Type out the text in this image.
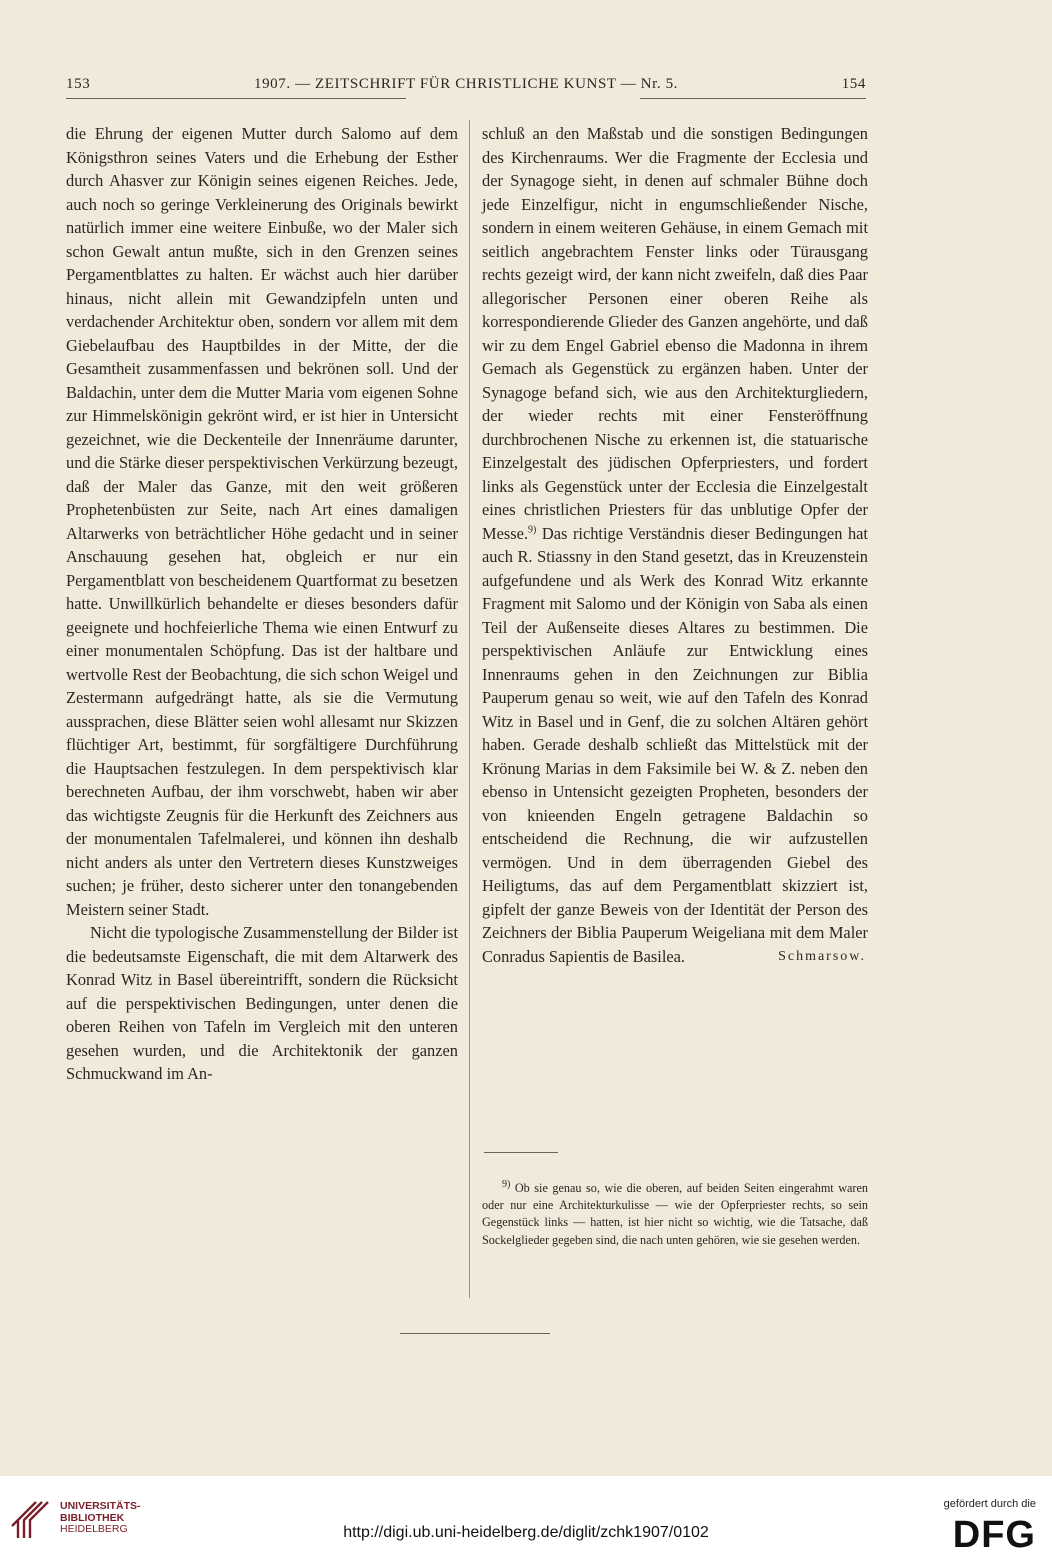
153	1907. — ZEITSCHRIFT FÜR CHRISTLICHE KUNST — Nr. 5.	154

die Ehrung der eigenen Mutter durch Salomo auf dem Königsthron seines Vaters und die Erhebung der Esther durch Ahasver zur Königin seines eigenen Reiches. Jede, auch noch so geringe Verkleinerung des Originals bewirkt natürlich immer eine weitere Einbuße, wo der Maler sich schon Gewalt antun mußte, sich in den Grenzen seines Pergamentblattes zu halten. Er wächst auch hier darüber hinaus, nicht allein mit Gewandzipfeln unten und verdachender Architektur oben, sondern vor allem mit dem Giebelaufbau des Hauptbildes in der Mitte, der die Gesamtheit zusammenfassen und bekrönen soll. Und der Baldachin, unter dem die Mutter Maria vom eigenen Sohne zur Himmelskönigin gekrönt wird, er ist hier in Untersicht gezeichnet, wie die Deckenteile der Innenräume darunter, und die Stärke dieser perspektivischen Verkürzung bezeugt, daß der Maler das Ganze, mit den weit größeren Prophetenbüsten zur Seite, nach Art eines damaligen Altarwerks von beträchtlicher Höhe gedacht und in seiner Anschauung gesehen hat, obgleich er nur ein Pergamentblatt von bescheidenem Quartformat zu besetzen hatte. Unwillkürlich behandelte er dieses besonders dafür geeignete und hochfeierliche Thema wie einen Entwurf zu einer monumentalen Schöpfung. Das ist der haltbare und wertvolle Rest der Beobachtung, die sich schon Weigel und Zestermann aufgedrängt hatte, als sie die Vermutung aussprachen, diese Blätter seien wohl allesamt nur Skizzen flüchtiger Art, bestimmt, für sorgfältigere Durchführung die Hauptsachen festzulegen. In dem perspektivisch klar berechneten Aufbau, der ihm vorschwebt, haben wir aber das wichtigste Zeugnis für die Herkunft des Zeichners aus der monumentalen Tafelmalerei, und können ihn deshalb nicht anders als unter den Vertretern dieses Kunstzweiges suchen; je früher, desto sicherer unter den tonangebenden Meistern seiner Stadt.

Nicht die typologische Zusammenstellung der Bilder ist die bedeutsamste Eigenschaft, die mit dem Altarwerk des Konrad Witz in Basel übereintrifft, sondern die Rücksicht auf die perspektivischen Bedingungen, unter denen die oberen Reihen von Tafeln im Vergleich mit den unteren gesehen wurden, und die Architektonik der ganzen Schmuckwand im An-

schluß an den Maßstab und die sonstigen Bedingungen des Kirchenraums. Wer die Fragmente der Ecclesia und der Synagoge sieht, in denen auf schmaler Bühne doch jede Einzelfigur, nicht in engumschließender Nische, sondern in einem weiteren Gehäuse, in einem Gemach mit seitlich angebrachtem Fenster links oder Türausgang rechts gezeigt wird, der kann nicht zweifeln, daß dies Paar allegorischer Personen einer oberen Reihe als korrespondierende Glieder des Ganzen angehörte, und daß wir zu dem Engel Gabriel ebenso die Madonna in ihrem Gemach als Gegenstück zu ergänzen haben. Unter der Synagoge befand sich, wie aus den Architekturgliedern, der wieder rechts mit einer Fensteröffnung durchbrochenen Nische zu erkennen ist, die statuarische Einzelgestalt des jüdischen Opferpriesters, und fordert links als Gegenstück unter der Ecclesia die Einzelgestalt eines christlichen Priesters für das unblutige Opfer der Messe.$^{9)}$ Das richtige Verständnis dieser Bedingungen hat auch R. Stiassny in den Stand gesetzt, das in Kreuzenstein aufgefundene und als Werk des Konrad Witz erkannte Fragment mit Salomo und der Königin von Saba als einen Teil der Außenseite dieses Altares zu bestimmen. Die perspektivischen Anläufe zur Entwicklung eines Innenraums gehen in den Zeichnungen zur Biblia Pauperum genau so weit, wie auf den Tafeln des Konrad Witz in Basel und in Genf, die zu solchen Altären gehört haben. Gerade deshalb schließt das Mittelstück mit der Krönung Marias in dem Faksimile bei W. & Z. neben den ebenso in Untensicht gezeigten Propheten, besonders der von knieenden Engeln getragene Baldachin so entscheidend die Rechnung, die wir aufzustellen vermögen. Und in dem überragenden Giebel des Heiligtums, das auf dem Pergamentblatt skizziert ist, gipfelt der ganze Beweis von der Identität der Person des Zeichners der Biblia Pauperum Weigeliana mit dem Maler Conradus Sapientis de Basilea.	Schmarsow.

$^{9)}$ Ob sie genau so, wie die oberen, auf beiden Seiten eingerahmt waren oder nur eine Architekturkulisse — wie der Opferpriester rechts, so sein Gegenstück links — hatten, ist hier nicht so wichtig, wie die Tatsache, daß Sockelglieder gegeben sind, die nach unten gehören, wie sie gesehen werden.

UNIVERSITÄTS-
BIBLIOTHEK
HEIDELBERG	http://digi.ub.uni-heidelberg.de/diglit/zchk1907/0102
gefördert durch die
DFG
